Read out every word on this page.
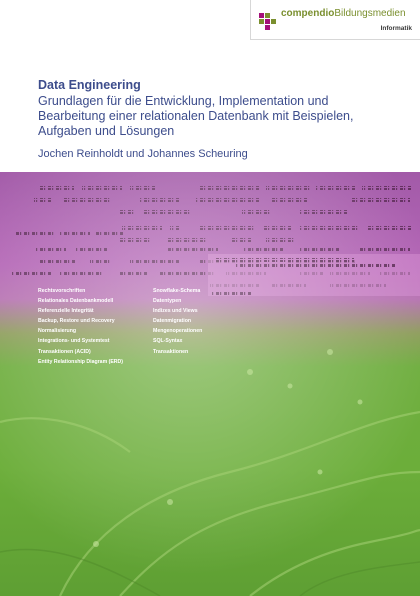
compendioBildungsmedien
Informatik
Data Engineering
Grundlagen für die Entwicklung, Implementation und
Bearbeitung einer relationalen Datenbank mit Beispielen,
Aufgaben und Lösungen
Jochen Reinholdt und Johannes Scheuring
Rechtsvorschriften
Relationales Datenbankmodell
Referenzielle Integrität
Backup, Restore und Recovery
Normalisierung
Integrations- und Systemtest
Transaktionen (ACID)
Entity Relationship Diagram (ERD)
Snowflake-Schema
Datentypen
Indizes und Views
Datenmigration
Mengenoperationen
SQL-Syntax
Transaktionen
